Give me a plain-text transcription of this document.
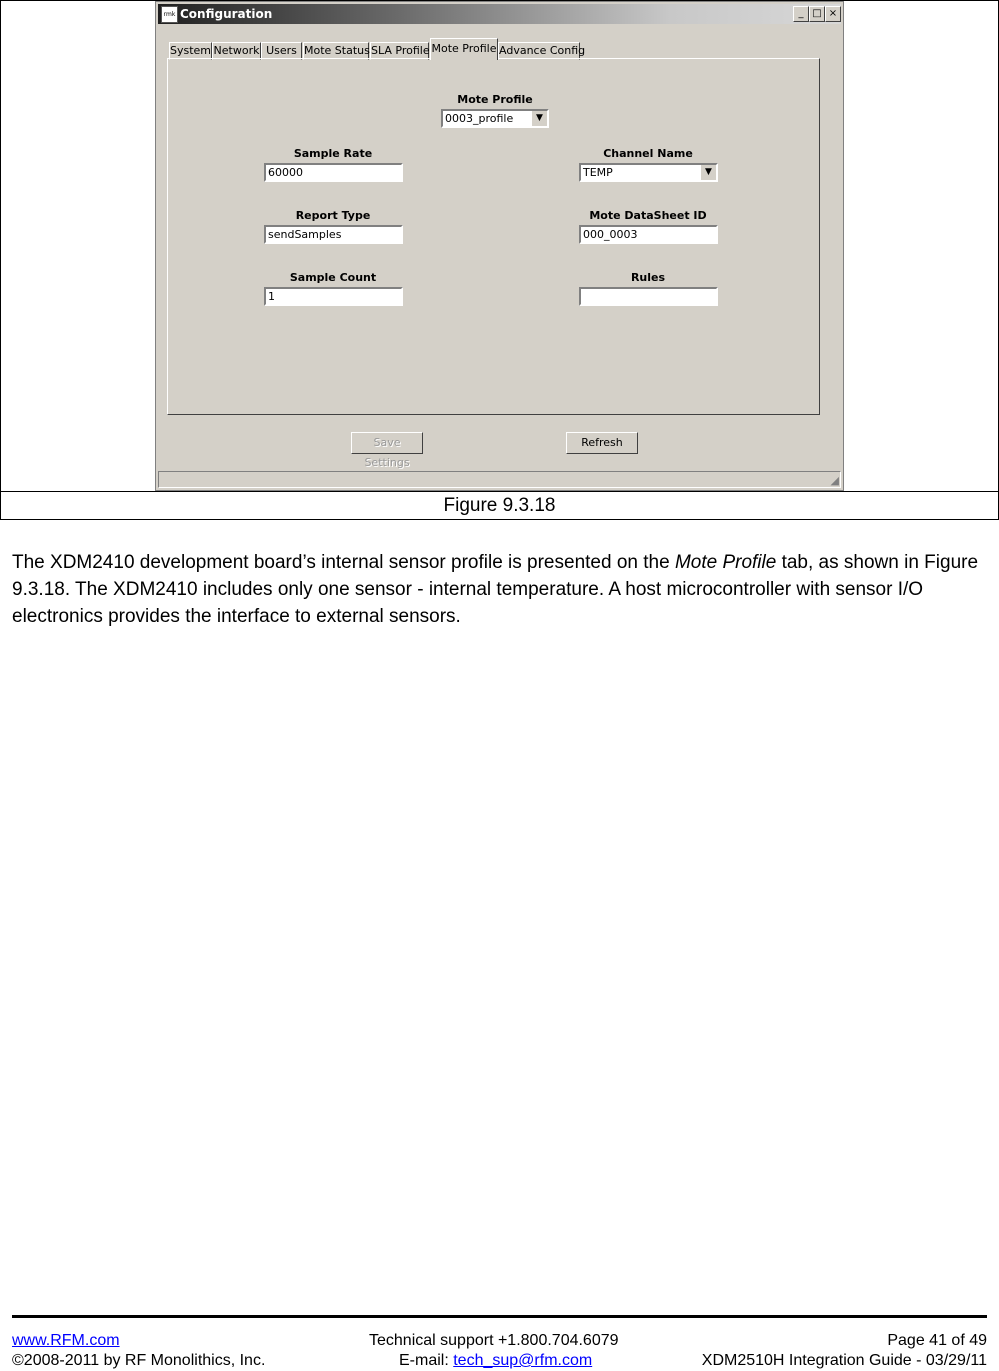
rmk Configuration	_ □ ×
System Network Users Mote Status SLA Profile Mote Profile Advance Config
Mote Profile
0003_profile	▼
Sample Rate
60000
Channel Name
TEMP	▼
Report Type
sendSamples
Mote DataSheet ID
000_0003
Sample Count
1
Rules
Save Settings
Refresh
◢
Figure 9.3.18
The XDM2410 development board’s internal sensor profile is presented on the Mote Profile tab, as shown in Figure 9.3.18. The XDM2410 includes only one sensor - internal temperature. A host microcontroller with sensor I/O electronics provides the interface to external sensors.
www.RFM.com
©2008-2011 by RF Monolithics, Inc.
Technical support +1.800.704.6079
E-mail: tech_sup@rfm.com
Page 41 of 49
XDM2510H Integration Guide - 03/29/11
